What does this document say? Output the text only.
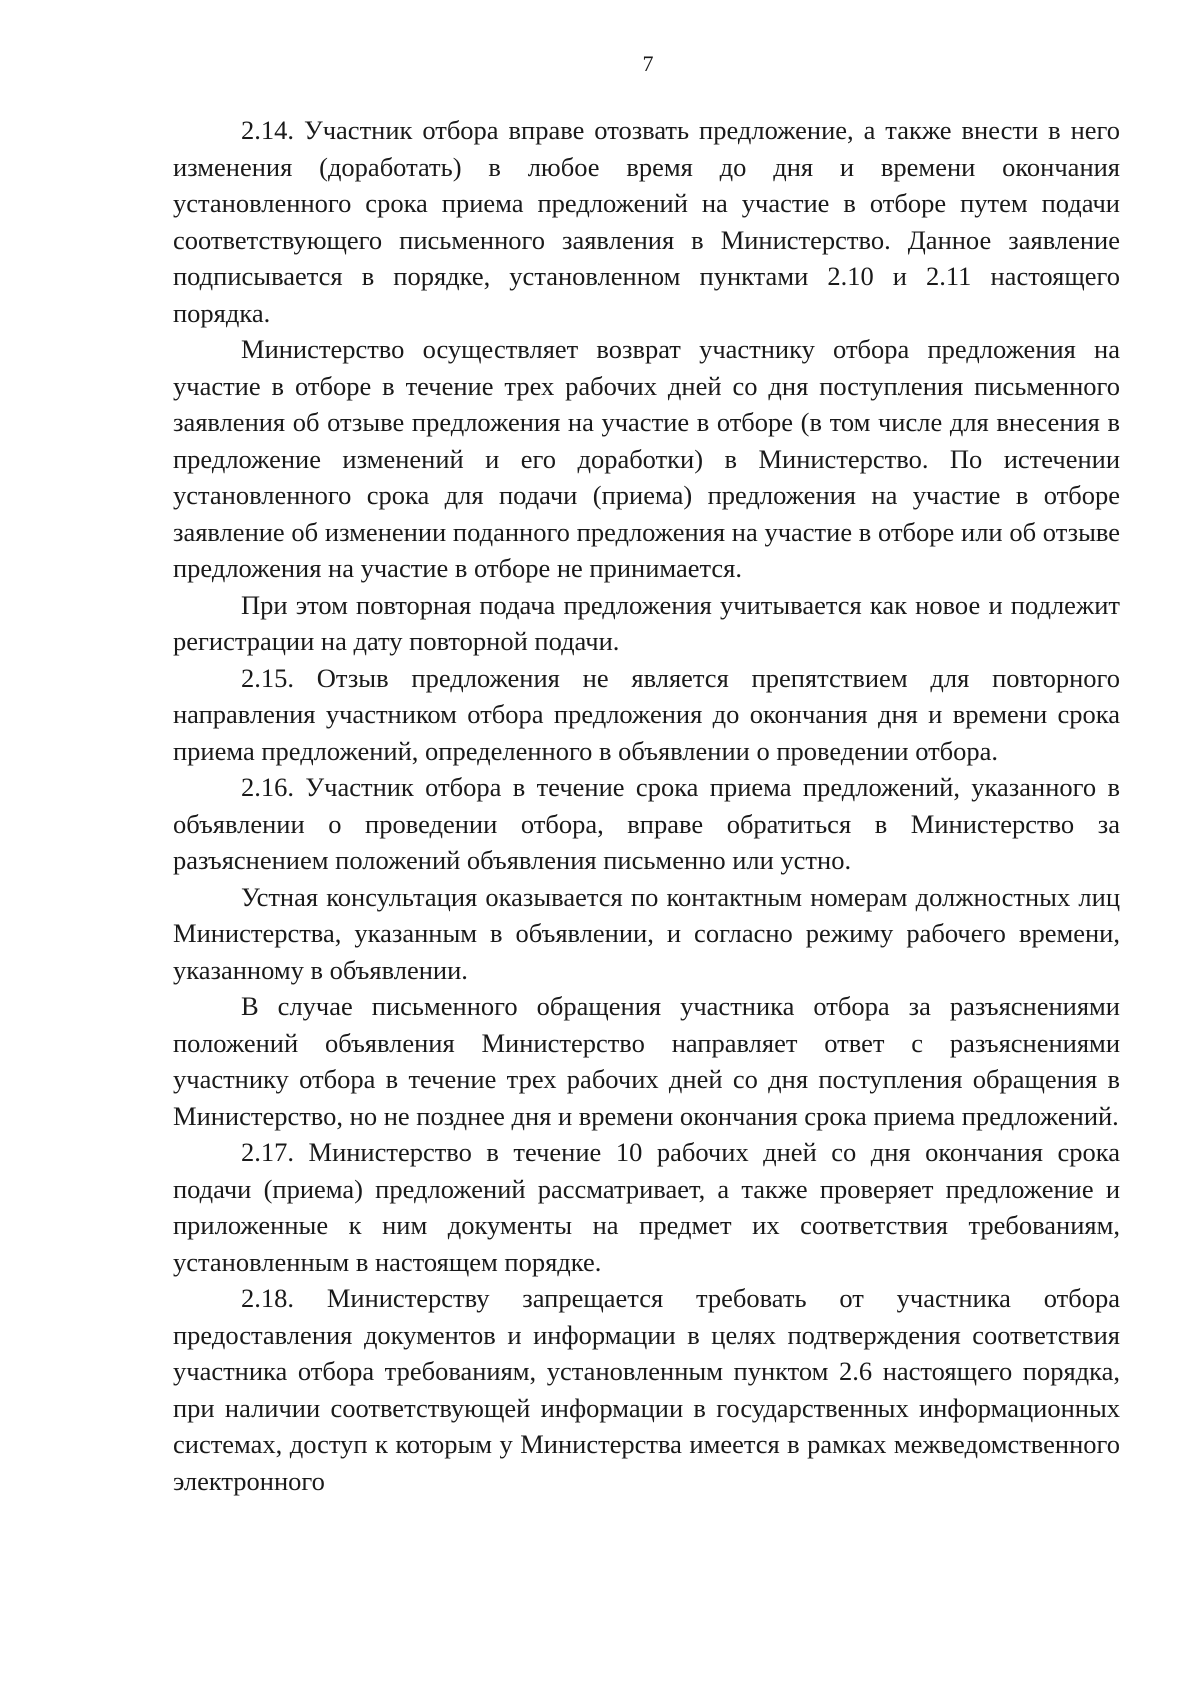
7

2.14. Участник отбора вправе отозвать предложение, а также внести в него изменения (доработать) в любое время до дня и времени окончания установленного срока приема предложений на участие в отборе путем подачи соответствующего письменного заявления в Министерство. Данное заявление подписывается в порядке, установленном пунктами 2.10 и 2.11 настоящего порядка.

Министерство осуществляет возврат участнику отбора предложения на участие в отборе в течение трех рабочих дней со дня поступления письменного заявления об отзыве предложения на участие в отборе (в том числе для внесения в предложение изменений и его доработки) в Министерство. По истечении установленного срока для подачи (приема) предложения на участие в отборе заявление об изменении поданного предложения на участие в отборе или об отзыве предложения на участие в отборе не принимается.

При этом повторная подача предложения учитывается как новое и подлежит регистрации на дату повторной подачи.

2.15. Отзыв предложения не является препятствием для повторного направления участником отбора предложения до окончания дня и времени срока приема предложений, определенного в объявлении о проведении отбора.

2.16. Участник отбора в течение срока приема предложений, указанного в объявлении о проведении отбора, вправе обратиться в Министерство за разъяснением положений объявления письменно или устно.

Устная консультация оказывается по контактным номерам должностных лиц Министерства, указанным в объявлении, и согласно режиму рабочего времени, указанному в объявлении.

В случае письменного обращения участника отбора за разъяснениями положений объявления Министерство направляет ответ с разъяснениями участнику отбора в течение трех рабочих дней со дня поступления обращения в Министерство, но не позднее дня и времени окончания срока приема предложений.

2.17. Министерство в течение 10 рабочих дней со дня окончания срока подачи (приема) предложений рассматривает, а также проверяет предложение и приложенные к ним документы на предмет их соответствия требованиям, установленным в настоящем порядке.

2.18. Министерству запрещается требовать от участника отбора предоставления документов и информации в целях подтверждения соответствия участника отбора требованиям, установленным пунктом 2.6 настоящего порядка, при наличии соответствующей информации в государственных информационных системах, доступ к которым у Министерства имеется в рамках межведомственного электронного
